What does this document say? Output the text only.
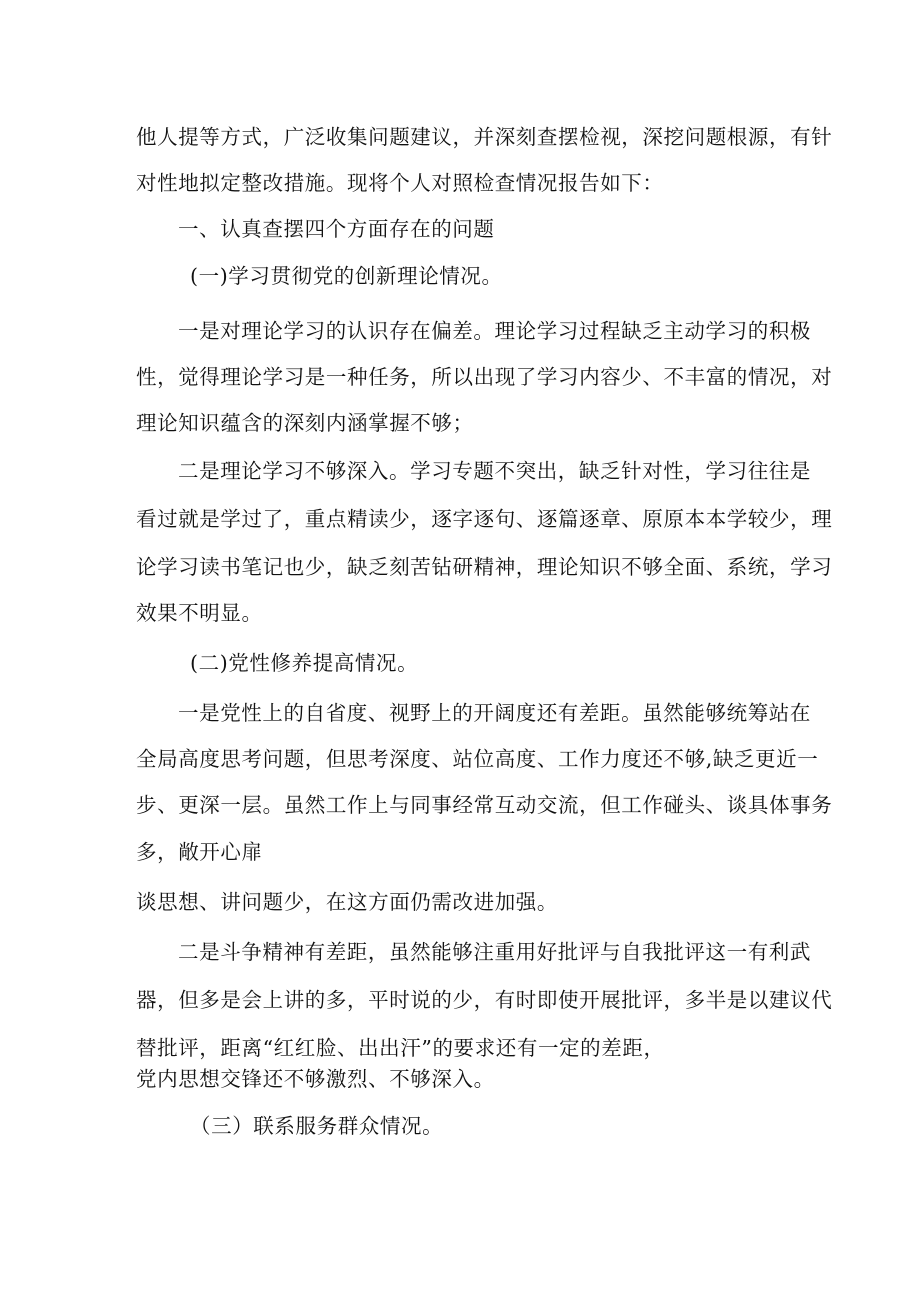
他人提等方式，广泛收集问题建议，并深刻查摆检视，深挖问题根源，有针

对性地拟定整改措施。现将个人对照检查情况报告如下：

一、认真查摆四个方面存在的问题

(一)学习贯彻党的创新理论情况。

一是对理论学习的认识存在偏差。理论学习过程缺乏主动学习的积极

性，觉得理论学习是一种任务，所以出现了学习内容少、不丰富的情况，对

理论知识蕴含的深刻内涵掌握不够；

二是理论学习不够深入。学习专题不突出，缺乏针对性，学习往往是

看过就是学过了，重点精读少，逐字逐句、逐篇逐章、原原本本学较少，理

论学习读书笔记也少，缺乏刻苦钻研精神，理论知识不够全面、系统，学习

效果不明显。

(二)党性修养提高情况。

一是党性上的自省度、视野上的开阔度还有差距。虽然能够统筹站在

全局高度思考问题，但思考深度、站位高度、工作力度还不够,缺乏更近一

步、更深一层。虽然工作上与同事经常互动交流，但工作碰头、谈具体事务

多，敞开心扉

谈思想、讲问题少，在这方面仍需改进加强。

二是斗争精神有差距，虽然能够注重用好批评与自我批评这一有利武

器，但多是会上讲的多，平时说的少，有时即使开展批评，多半是以建议代

替批评，距离“红红脸、出出汗”的要求还有一定的差距，

党内思想交锋还不够激烈、不够深入。

（三）联系服务群众情况。
